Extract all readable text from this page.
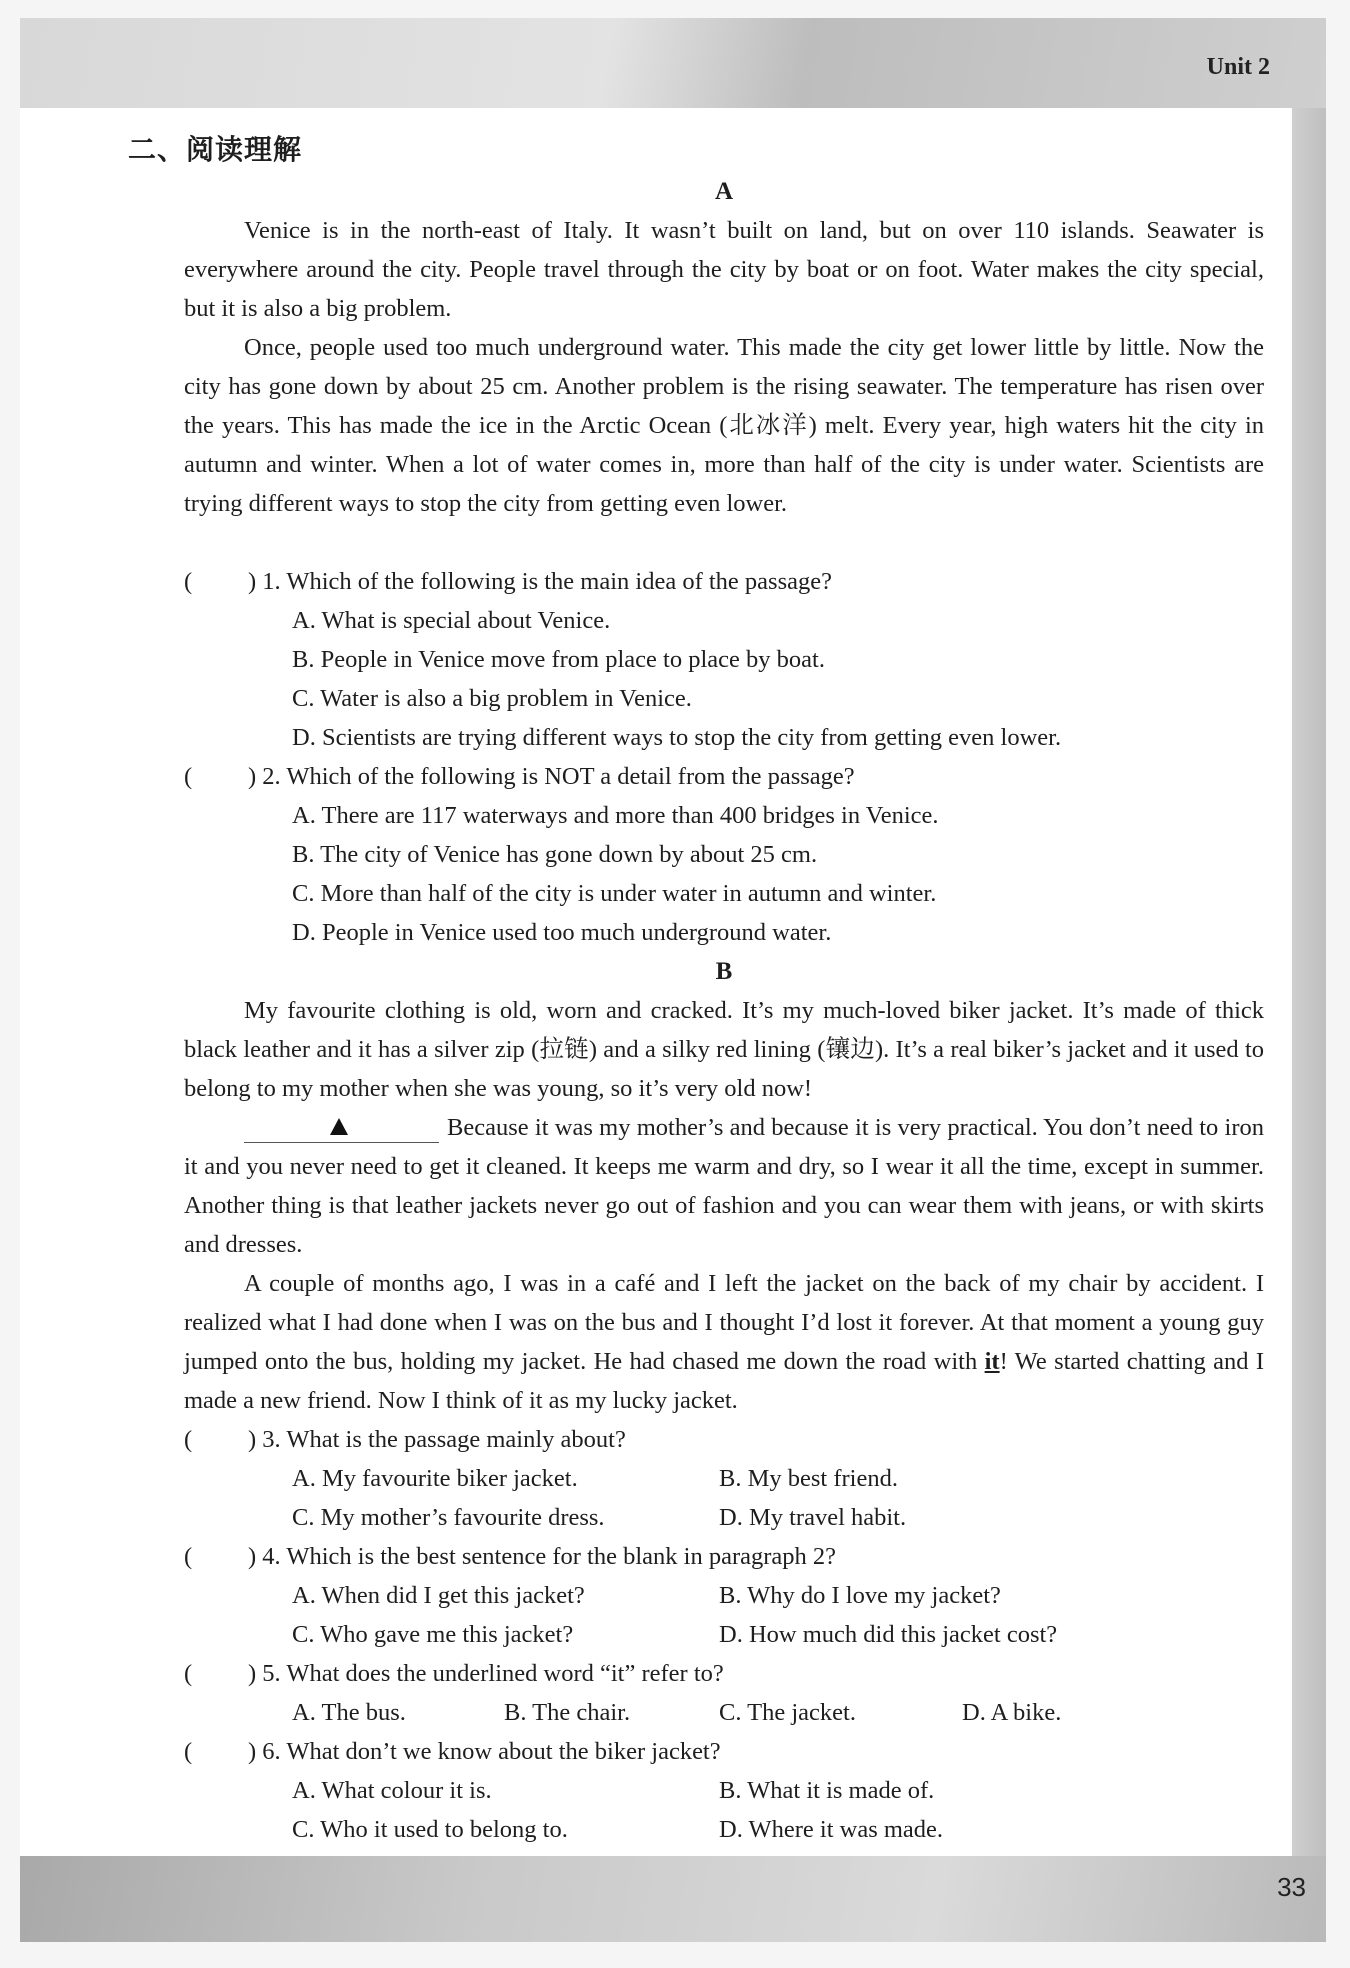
Unit 2
二、阅读理解
A

Venice is in the north-east of Italy. It wasn’t built on land, but on over 110 islands. Seawater is everywhere around the city. People travel through the city by boat or on foot. Water makes the city special, but it is also a big problem.

Once, people used too much underground water. This made the city get lower little by little. Now the city has gone down by about 25 cm. Another problem is the rising seawater. The temperature has risen over the years. This has made the ice in the Arctic Ocean (北冰洋) melt. Every year, high waters hit the city in autumn and winter. When a lot of water comes in, more than half of the city is under water. Scientists are trying different ways to stop the city from getting even lower.

( ) 1. Which of the following is the main idea of the passage?
A. What is special about Venice.
B. People in Venice move from place to place by boat.
C. Water is also a big problem in Venice.
D. Scientists are trying different ways to stop the city from getting even lower.
( ) 2. Which of the following is NOT a detail from the passage?
A. There are 117 waterways and more than 400 bridges in Venice.
B. The city of Venice has gone down by about 25 cm.
C. More than half of the city is under water in autumn and winter.
D. People in Venice used too much underground water.
B

My favourite clothing is old, worn and cracked. It’s my much-loved biker jacket. It’s made of thick black leather and it has a silver zip (拉链) and a silky red lining (镶边). It’s a real biker’s jacket and it used to belong to my mother when she was young, so it’s very old now!

Because it was my mother’s and because it is very practical. You don’t need to iron it and you never need to get it cleaned. It keeps me warm and dry, so I wear it all the time, except in summer. Another thing is that leather jackets never go out of fashion and you can wear them with jeans, or with skirts and dresses.

A couple of months ago, I was in a café and I left the jacket on the back of my chair by accident. I realized what I had done when I was on the bus and I thought I’d lost it forever. At that moment a young guy jumped onto the bus, holding my jacket. He had chased me down the road with it! We started chatting and I made a new friend. Now I think of it as my lucky jacket.

( ) 3. What is the passage mainly about?
A. My favourite biker jacket.	B. My best friend.
C. My mother’s favourite dress.	D. My travel habit.
( ) 4. Which is the best sentence for the blank in paragraph 2?
A. When did I get this jacket?	B. Why do I love my jacket?
C. Who gave me this jacket?	D. How much did this jacket cost?
( ) 5. What does the underlined word “it” refer to?
A. The bus.	B. The chair.	C. The jacket.	D. A bike.
( ) 6. What don’t we know about the biker jacket?
A. What colour it is.	B. What it is made of.
C. Who it used to belong to.	D. Where it was made.
33
